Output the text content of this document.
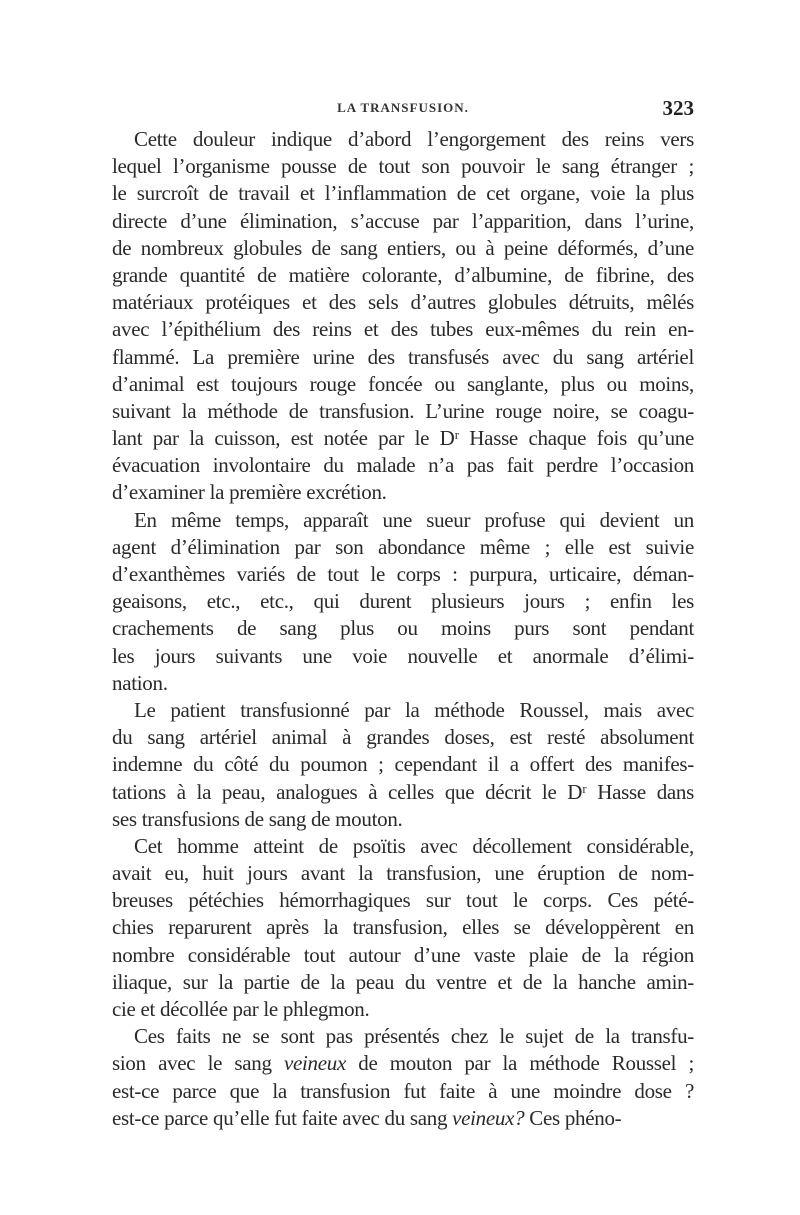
LA TRANSFUSION.	323
Cette douleur indique d’abord l’engorgement des reins vers
lequel l’organisme pousse de tout son pouvoir le sang étranger ;
le surcroît de travail et l’inflammation de cet organe, voie la plus
directe d’une élimination, s’accuse par l’apparition, dans l’urine,
de nombreux globules de sang entiers, ou à peine déformés, d’une
grande quantité de matière colorante, d’albumine, de fibrine, des
matériaux protéiques et des sels d’autres globules détruits, mêlés
avec l’épithélium des reins et des tubes eux-mêmes du rein en-
flammé. La première urine des transfusés avec du sang artériel
d’animal est toujours rouge foncée ou sanglante, plus ou moins,
suivant la méthode de transfusion. L’urine rouge noire, se coagu-
lant par la cuisson, est notée par le Dʳ Hasse chaque fois qu’une
évacuation involontaire du malade n’a pas fait perdre l’occasion
d’examiner la première excrétion.
En même temps, apparaît une sueur profuse qui devient un
agent d’élimination par son abondance même ; elle est suivie
d’exanthèmes variés de tout le corps : purpura, urticaire, déman-
geaisons, etc., etc., qui durent plusieurs jours ; enfin les
crachements de sang plus ou moins purs sont pendant
les jours suivants une voie nouvelle et anormale d’élimi-
nation.
Le patient transfusionné par la méthode Roussel, mais avec
du sang artériel animal à grandes doses, est resté absolument
indemne du côté du poumon ; cependant il a offert des manifes-
tations à la peau, analogues à celles que décrit le Dʳ Hasse dans
ses transfusions de sang de mouton.
Cet homme atteint de psoïtis avec décollement considérable,
avait eu, huit jours avant la transfusion, une éruption de nom-
breuses pétéchies hémorrhagiques sur tout le corps. Ces pété-
chies reparurent après la transfusion, elles se développèrent en
nombre considérable tout autour d’une vaste plaie de la région
iliaque, sur la partie de la peau du ventre et de la hanche amin-
cie et décollée par le phlegmon.
Ces faits ne se sont pas présentés chez le sujet de la transfu-
sion avec le sang veineux de mouton par la méthode Roussel ;
est-ce parce que la transfusion fut faite à une moindre dose ?
est-ce parce qu’elle fut faite avec du sang veineux? Ces phéno-
